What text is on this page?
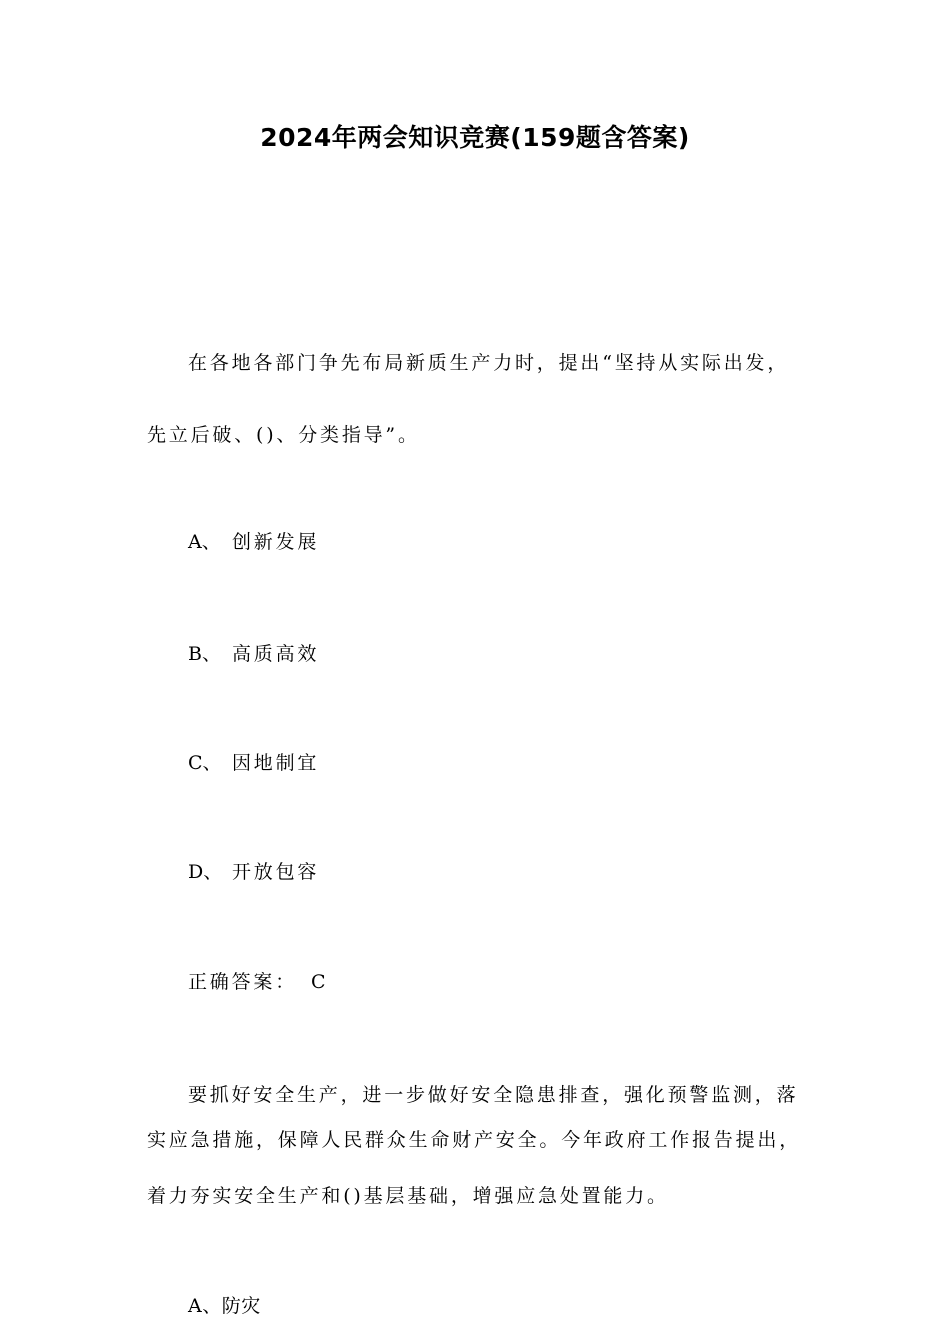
2024年两会知识竞赛(159题含答案)
在各地各部门争先布局新质生产力时，提出“坚持从实际出发，
先立后破、()、分类指导”。
A、 创新发展
B、 高质高效
C、 因地制宜
D、 开放包容
正确答案： C
要抓好安全生产，进一步做好安全隐患排查，强化预警监测，落
实应急措施，保障人民群众生命财产安全。今年政府工作报告提出，
着力夯实安全生产和()基层基础，增强应急处置能力。
A、防灾
